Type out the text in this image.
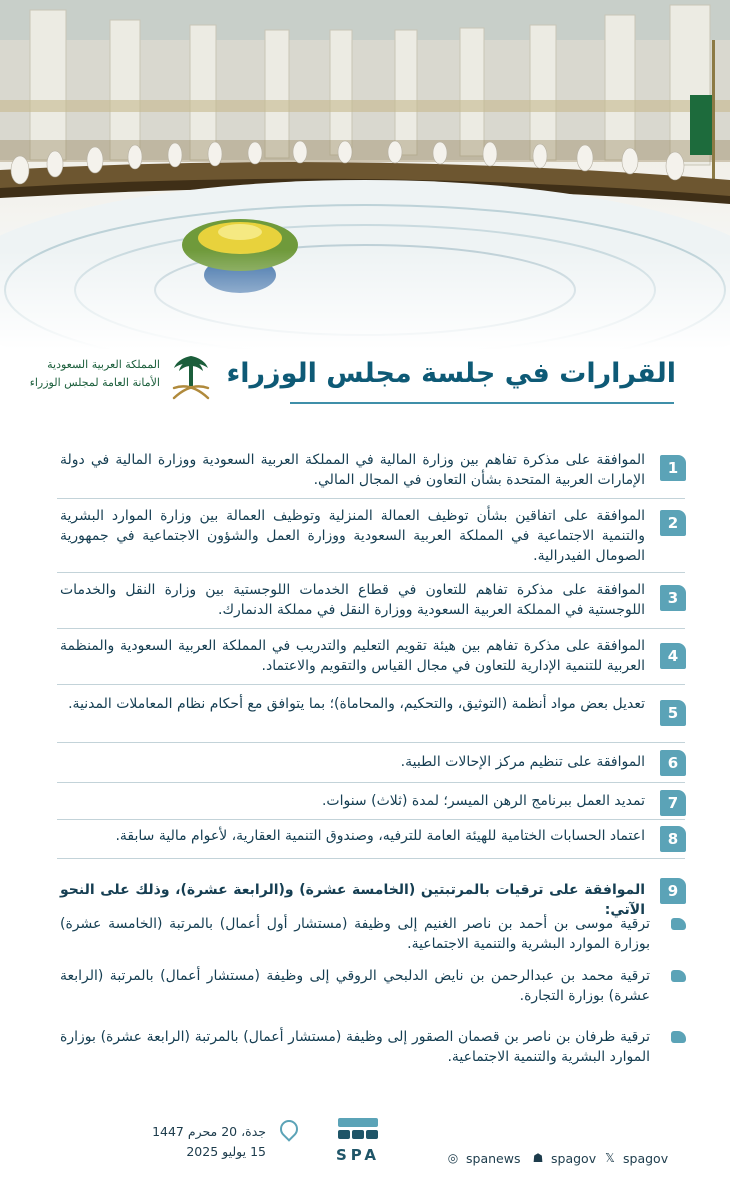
القرارات في جلسة مجلس الوزراء
المملكة العربية السعودية
الأمانة العامة لمجلس الوزراء
1
الموافقة على مذكرة تفاهم بين وزارة المالية في المملكة العربية السعودية ووزارة المالية في دولة الإمارات العربية المتحدة بشأن التعاون في المجال المالي.
2
الموافقة على اتفاقين بشأن توظيف العمالة المنزلية وتوظيف العمالة بين وزارة الموارد البشرية والتنمية الاجتماعية في المملكة العربية السعودية ووزارة العمل والشؤون الاجتماعية في جمهورية الصومال الفيدرالية.
3
الموافقة على مذكرة تفاهم للتعاون في قطاع الخدمات اللوجستية بين وزارة النقل والخدمات اللوجستية في المملكة العربية السعودية ووزارة النقل في مملكة الدنمارك.
4
الموافقة على مذكرة تفاهم بين هيئة تقويم التعليم والتدريب في المملكة العربية السعودية والمنظمة العربية للتنمية الإدارية للتعاون في مجال القياس والتقويم والاعتماد.
5
تعديل بعض مواد أنظمة (التوثيق، والتحكيم، والمحاماة)؛ بما يتوافق مع أحكام نظام المعاملات المدنية.
6
الموافقة على تنظيم مركز الإحالات الطبية.
7
تمديد العمل ببرنامج الرهن الميسر؛ لمدة (ثلاث) سنوات.
8
اعتماد الحسابات الختامية للهيئة العامة للترفيه، وصندوق التنمية العقارية، لأعوام مالية سابقة.
9
الموافقة على ترقيات بالمرتبتين (الخامسة عشرة) و(الرابعة عشرة)، وذلك على النحو الآتي:
ترقية موسى بن أحمد بن ناصر الغنيم إلى وظيفة (مستشار أول أعمال) بالمرتبة (الخامسة عشرة) بوزارة الموارد البشرية والتنمية الاجتماعية.
ترقية محمد بن عبدالرحمن بن نايض الدلبحي الروقي إلى وظيفة (مستشار أعمال) بالمرتبة (الرابعة عشرة) بوزارة التجارة.
ترقية ظرفان بن ناصر بن قصمان الصقور إلى وظيفة (مستشار أعمال) بالمرتبة (الرابعة عشرة) بوزارة الموارد البشرية والتنمية الاجتماعية.
جدة، 20 محرم 1447
15 يوليو 2025	SPA	◎ spanews ☗ spagov 𝕏 spagov
